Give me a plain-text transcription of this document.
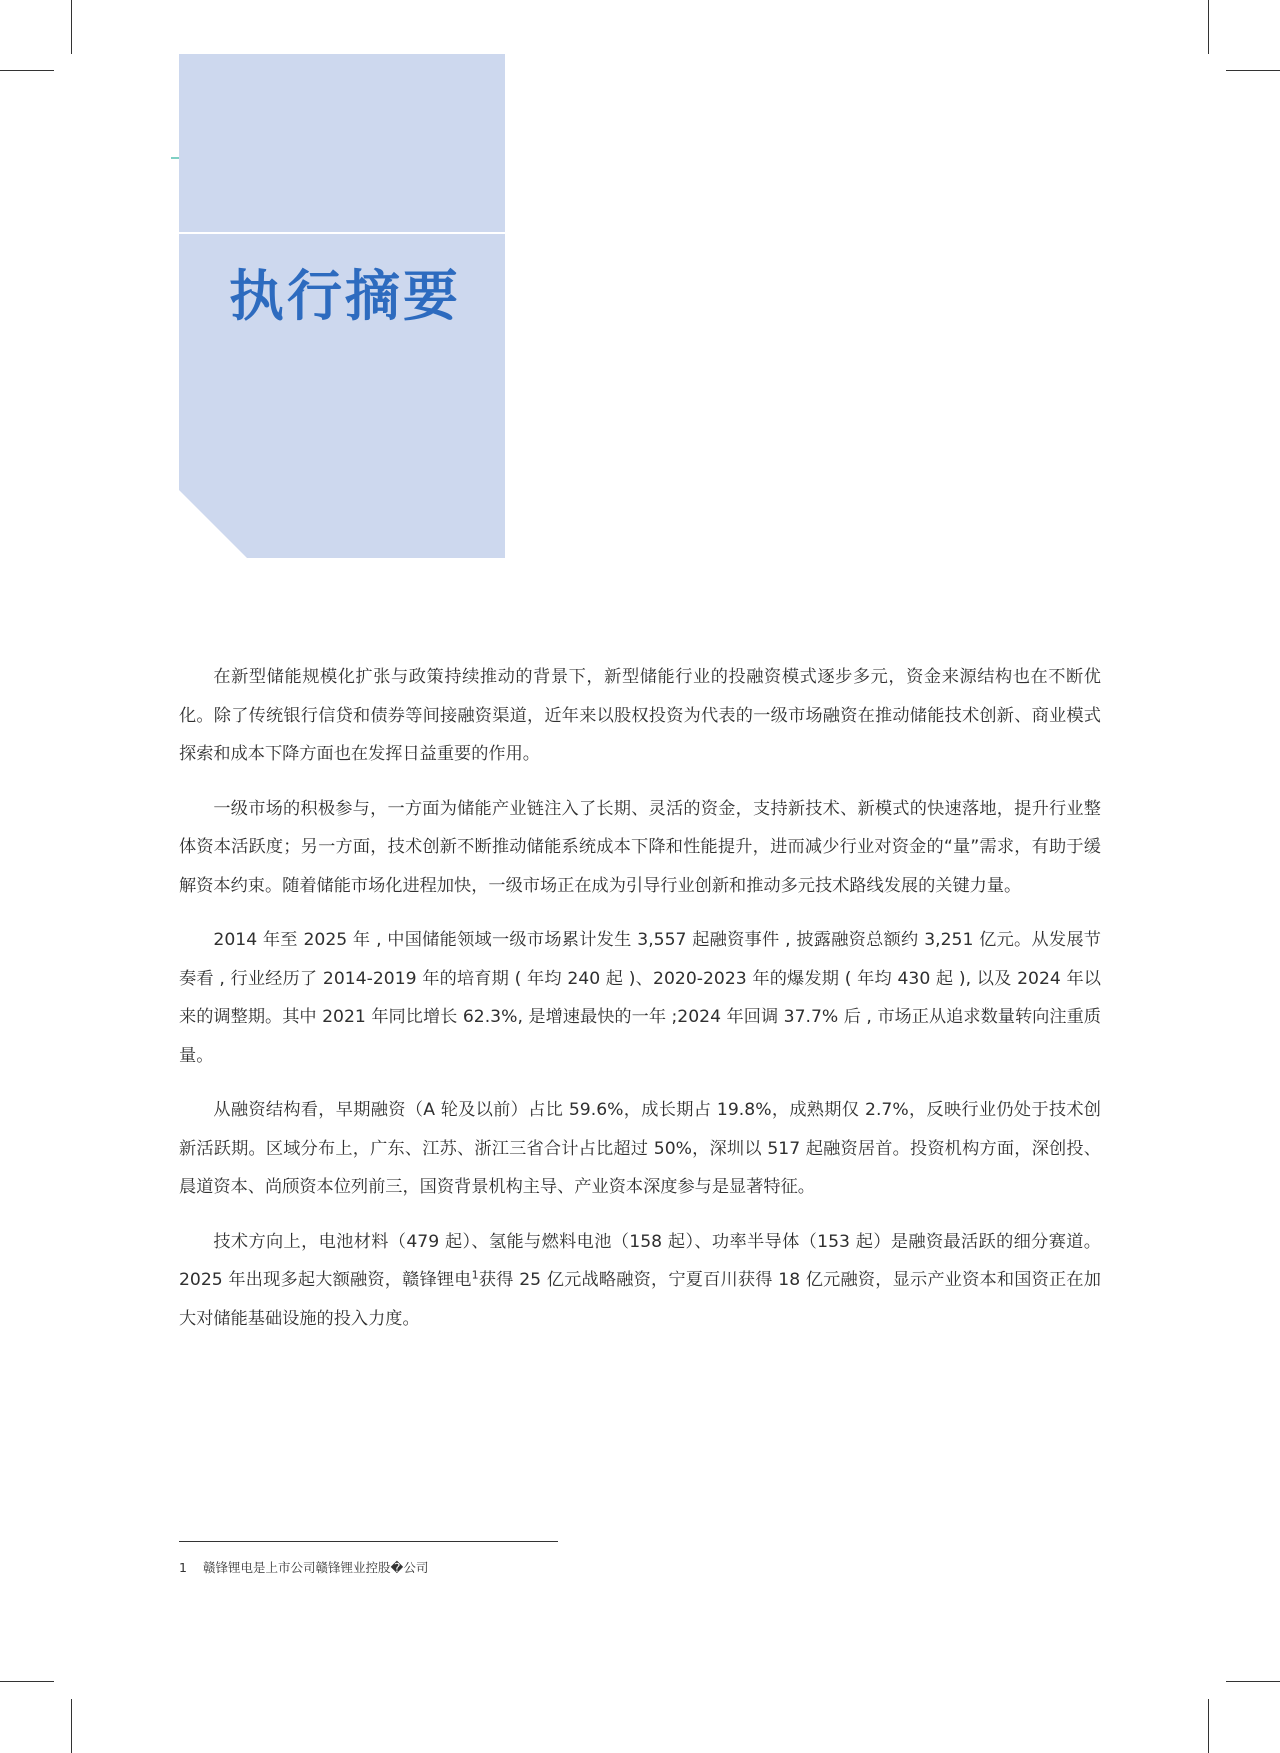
执行摘要

在新型储能规模化扩张与政策持续推动的背景下，新型储能行业的投融资模式逐步多元，资金来源结构也在不断优化。除了传统银行信贷和债券等间接融资渠道，近年来以股权投资为代表的一级市场融资在推动储能技术创新、商业模式探索和成本下降方面也在发挥日益重要的作用。

一级市场的积极参与，一方面为储能产业链注入了长期、灵活的资金，支持新技术、新模式的快速落地，提升行业整体资本活跃度；另一方面，技术创新不断推动储能系统成本下降和性能提升，进而减少行业对资金的“量”需求，有助于缓解资本约束。随着储能市场化进程加快，一级市场正在成为引导行业创新和推动多元技术路线发展的关键力量。

2014 年至 2025 年 , 中国储能领域一级市场累计发生 3,557 起融资事件 , 披露融资总额约 3,251 亿元。从发展节奏看 , 行业经历了 2014-2019 年的培育期 ( 年均 240 起 )、2020-2023 年的爆发期 ( 年均 430 起 ), 以及 2024 年以来的调整期。其中 2021 年同比增长 62.3%, 是增速最快的一年 ;2024 年回调 37.7% 后 , 市场正从追求数量转向注重质量。

从融资结构看，早期融资（A 轮及以前）占比 59.6%，成长期占 19.8%，成熟期仅 2.7%，反映行业仍处于技术创新活跃期。区域分布上，广东、江苏、浙江三省合计占比超过 50%，深圳以 517 起融资居首。投资机构方面，深创投、晨道资本、尚颀资本位列前三，国资背景机构主导、产业资本深度参与是显著特征。

技术方向上，电池材料（479 起）、氢能与燃料电池（158 起）、功率半导体（153 起）是融资最活跃的细分赛道。2025 年出现多起大额融资，赣锋锂电$^1$获得 25 亿元战略融资，宁夏百川获得 18 亿元融资，显示产业资本和国资正在加大对储能基础设施的投入力度。

1 赣锋锂电是上市公司赣锋锂业控股�公司
